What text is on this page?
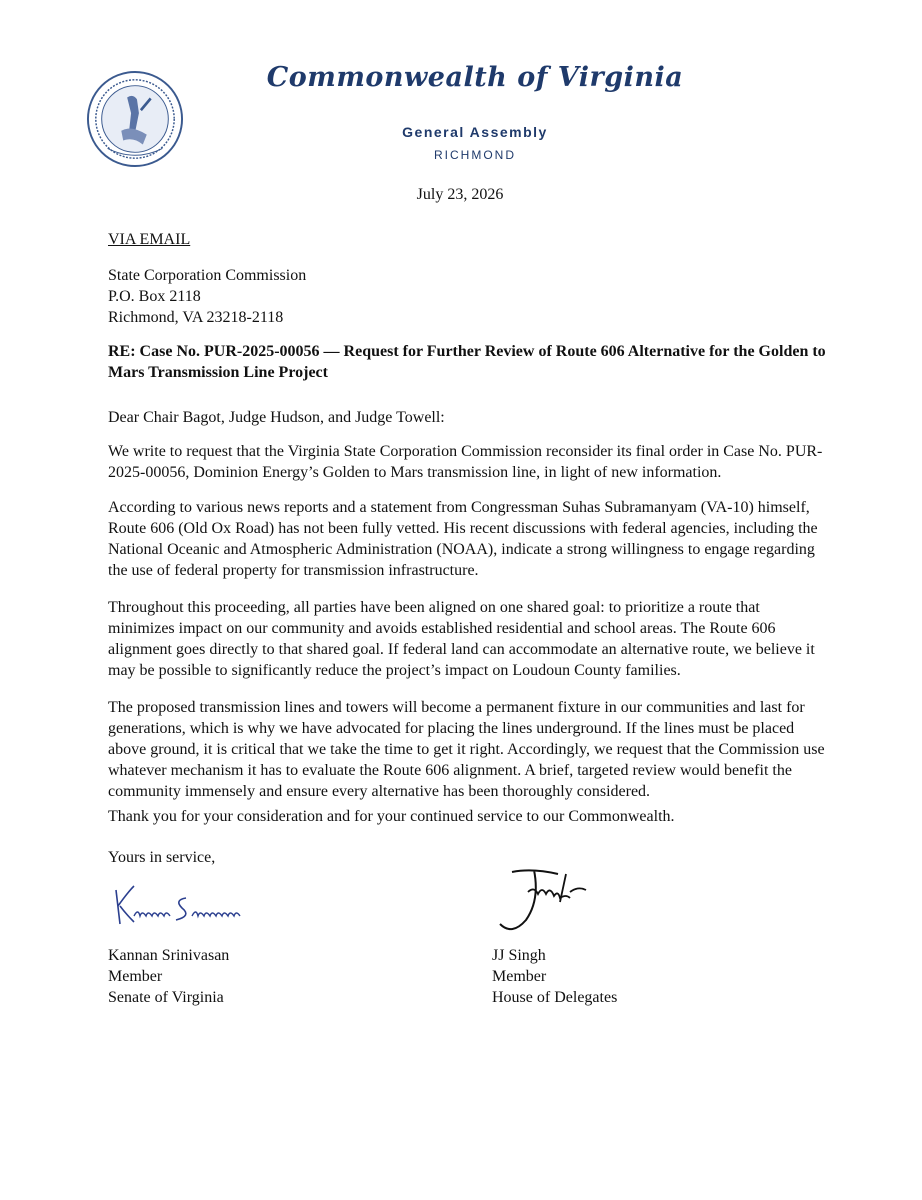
Commonwealth of Virginia
General Assembly
RICHMOND
July 23, 2026
VIA EMAIL
State Corporation Commission
P.O. Box 2118
Richmond, VA 23218-2118
RE: Case No. PUR-2025-00056 — Request for Further Review of Route 606 Alternative for the Golden to Mars Transmission Line Project
Dear Chair Bagot, Judge Hudson, and Judge Towell:
We write to request that the Virginia State Corporation Commission reconsider its final order in Case No. PUR-2025-00056, Dominion Energy’s Golden to Mars transmission line, in light of new information.
According to various news reports and a statement from Congressman Suhas Subramanyam (VA-10) himself, Route 606 (Old Ox Road) has not been fully vetted. His recent discussions with federal agencies, including the National Oceanic and Atmospheric Administration (NOAA), indicate a strong willingness to engage regarding the use of federal property for transmission infrastructure.
Throughout this proceeding, all parties have been aligned on one shared goal: to prioritize a route that minimizes impact on our community and avoids established residential and school areas. The Route 606 alignment goes directly to that shared goal. If federal land can accommodate an alternative route, we believe it may be possible to significantly reduce the project’s impact on Loudoun County families.
The proposed transmission lines and towers will become a permanent fixture in our communities and last for generations, which is why we have advocated for placing the lines underground. If the lines must be placed above ground, it is critical that we take the time to get it right. Accordingly, we request that the Commission use whatever mechanism it has to evaluate the Route 606 alignment. A brief, targeted review would benefit the community immensely and ensure every alternative has been thoroughly considered.
Thank you for your consideration and for your continued service to our Commonwealth.
Yours in service,
Kannan Srinivasan
Member
Senate of Virginia
JJ Singh
Member
House of Delegates
